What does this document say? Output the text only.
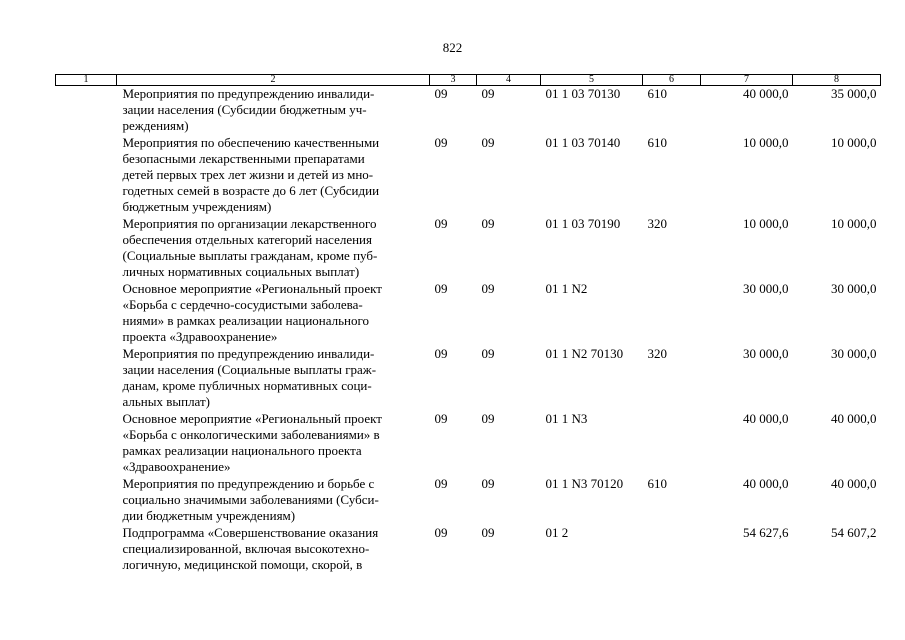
822
1	2	3	4	5	6	7	8

	Мероприятия по предупреждению инвалиди-
зации населения (Субсидии бюджетным уч-
реждениям)	09	09	01 1 03 70130	610	40 000,0	35 000,0

	Мероприятия по обеспечению качественными
безопасными лекарственными препаратами
детей первых трех лет жизни и детей из мно-
годетных семей в возрасте до 6 лет (Субсидии
бюджетным учреждениям)	09	09	01 1 03 70140	610	10 000,0	10 000,0

	Мероприятия по организации лекарственного
обеспечения отдельных категорий населения
(Социальные выплаты гражданам, кроме пуб-
личных нормативных социальных выплат)	09	09	01 1 03 70190	320	10 000,0	10 000,0

	Основное мероприятие «Региональный проект
«Борьба с сердечно-сосудистыми заболева-
ниями» в рамках реализации национального
проекта «Здравоохранение»	09	09	01 1 N2		30 000,0	30 000,0

	Мероприятия по предупреждению инвалиди-
зации населения (Социальные выплаты граж-
данам, кроме публичных нормативных соци-
альных выплат)	09	09	01 1 N2 70130	320	30 000,0	30 000,0

	Основное мероприятие «Региональный проект
«Борьба с онкологическими заболеваниями» в
рамках реализации национального проекта
«Здравоохранение»	09	09	01 1 N3		40 000,0	40 000,0

	Мероприятия по предупреждению и борьбе с
социально значимыми заболеваниями (Субси-
дии бюджетным учреждениям)	09	09	01 1 N3 70120	610	40 000,0	40 000,0

	Подпрограмма «Совершенствование оказания
специализированной, включая высокотехно-
логичную, медицинской помощи, скорой, в	09	09	01 2		54 627,6	54 607,2
